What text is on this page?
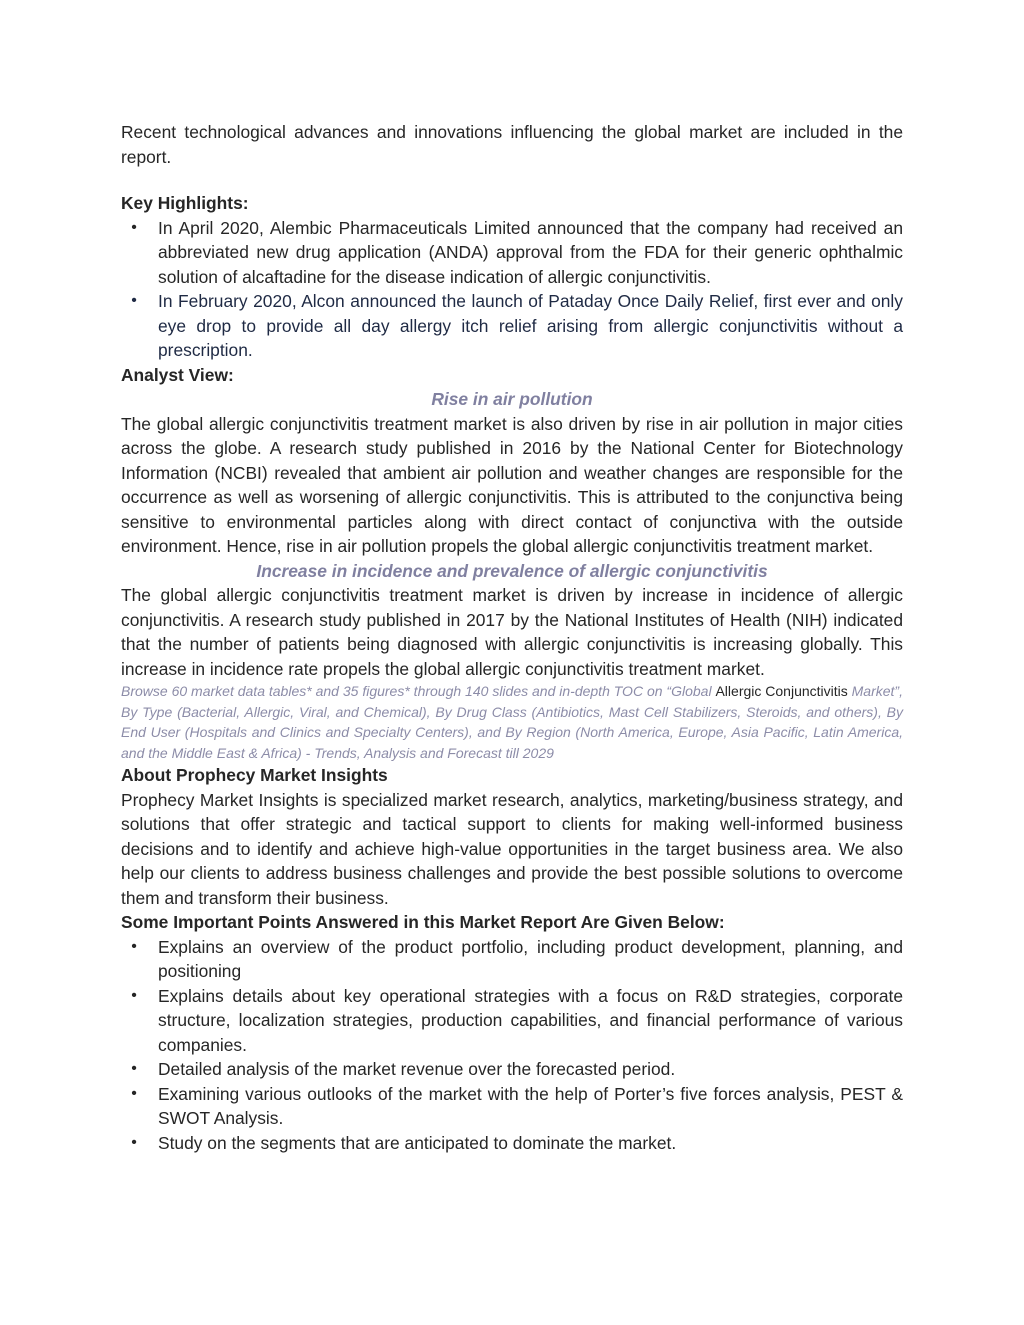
Recent technological advances and innovations influencing the global market are included in the report.

Key Highlights:

• In April 2020, Alembic Pharmaceuticals Limited announced that the company had received an abbreviated new drug application (ANDA) approval from the FDA for their generic ophthalmic solution of alcaftadine for the disease indication of allergic conjunctivitis.
• In February 2020, Alcon announced the launch of Pataday Once Daily Relief, first ever and only eye drop to provide all day allergy itch relief arising from allergic conjunctivitis without a prescription.

Analyst View:

Rise in air pollution

The global allergic conjunctivitis treatment market is also driven by rise in air pollution in major cities across the globe. A research study published in 2016 by the National Center for Biotechnology Information (NCBI) revealed that ambient air pollution and weather changes are responsible for the occurrence as well as worsening of allergic conjunctivitis. This is attributed to the conjunctiva being sensitive to environmental particles along with direct contact of conjunctiva with the outside environment. Hence, rise in air pollution propels the global allergic conjunctivitis treatment market.

Increase in incidence and prevalence of allergic conjunctivitis

The global allergic conjunctivitis treatment market is driven by increase in incidence of allergic conjunctivitis. A research study published in 2017 by the National Institutes of Health (NIH) indicated that the number of patients being diagnosed with allergic conjunctivitis is increasing globally. This increase in incidence rate propels the global allergic conjunctivitis treatment market.

Browse 60 market data tables* and 35 figures* through 140 slides and in-depth TOC on “Global Allergic Conjunctivitis Market”, By Type (Bacterial, Allergic, Viral, and Chemical), By Drug Class (Antibiotics, Mast Cell Stabilizers, Steroids, and others), By End User (Hospitals and Clinics and Specialty Centers), and By Region (North America, Europe, Asia Pacific, Latin America, and the Middle East & Africa) - Trends, Analysis and Forecast till 2029

About Prophecy Market Insights

Prophecy Market Insights is specialized market research, analytics, marketing/business strategy, and solutions that offer strategic and tactical support to clients for making well-informed business decisions and to identify and achieve high-value opportunities in the target business area. We also help our clients to address business challenges and provide the best possible solutions to overcome them and transform their business.

Some Important Points Answered in this Market Report Are Given Below:

• Explains an overview of the product portfolio, including product development, planning, and positioning
• Explains details about key operational strategies with a focus on R&D strategies, corporate structure, localization strategies, production capabilities, and financial performance of various companies.
• Detailed analysis of the market revenue over the forecasted period.
• Examining various outlooks of the market with the help of Porter’s five forces analysis, PEST & SWOT Analysis.
• Study on the segments that are anticipated to dominate the market.
